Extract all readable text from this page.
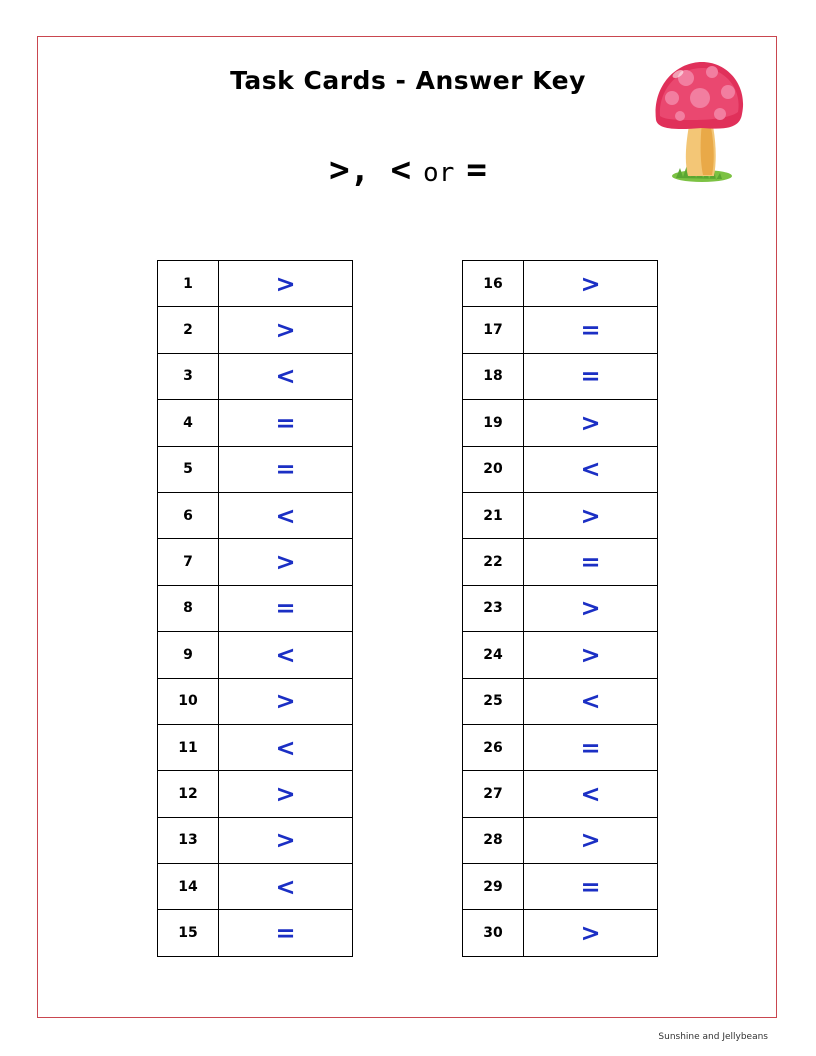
Task Cards - Answer Key
>, < or =
1	>
2	>
3	<
4	=
5	=
6	<
7	>
8	=
9	<
10	>
11	<
12	>
13	>
14	<
15	=
16	>
17	=
18	=
19	>
20	<
21	>
22	=
23	>
24	>
25	<
26	=
27	<
28	>
29	=
30	>
Sunshine and Jellybeans
